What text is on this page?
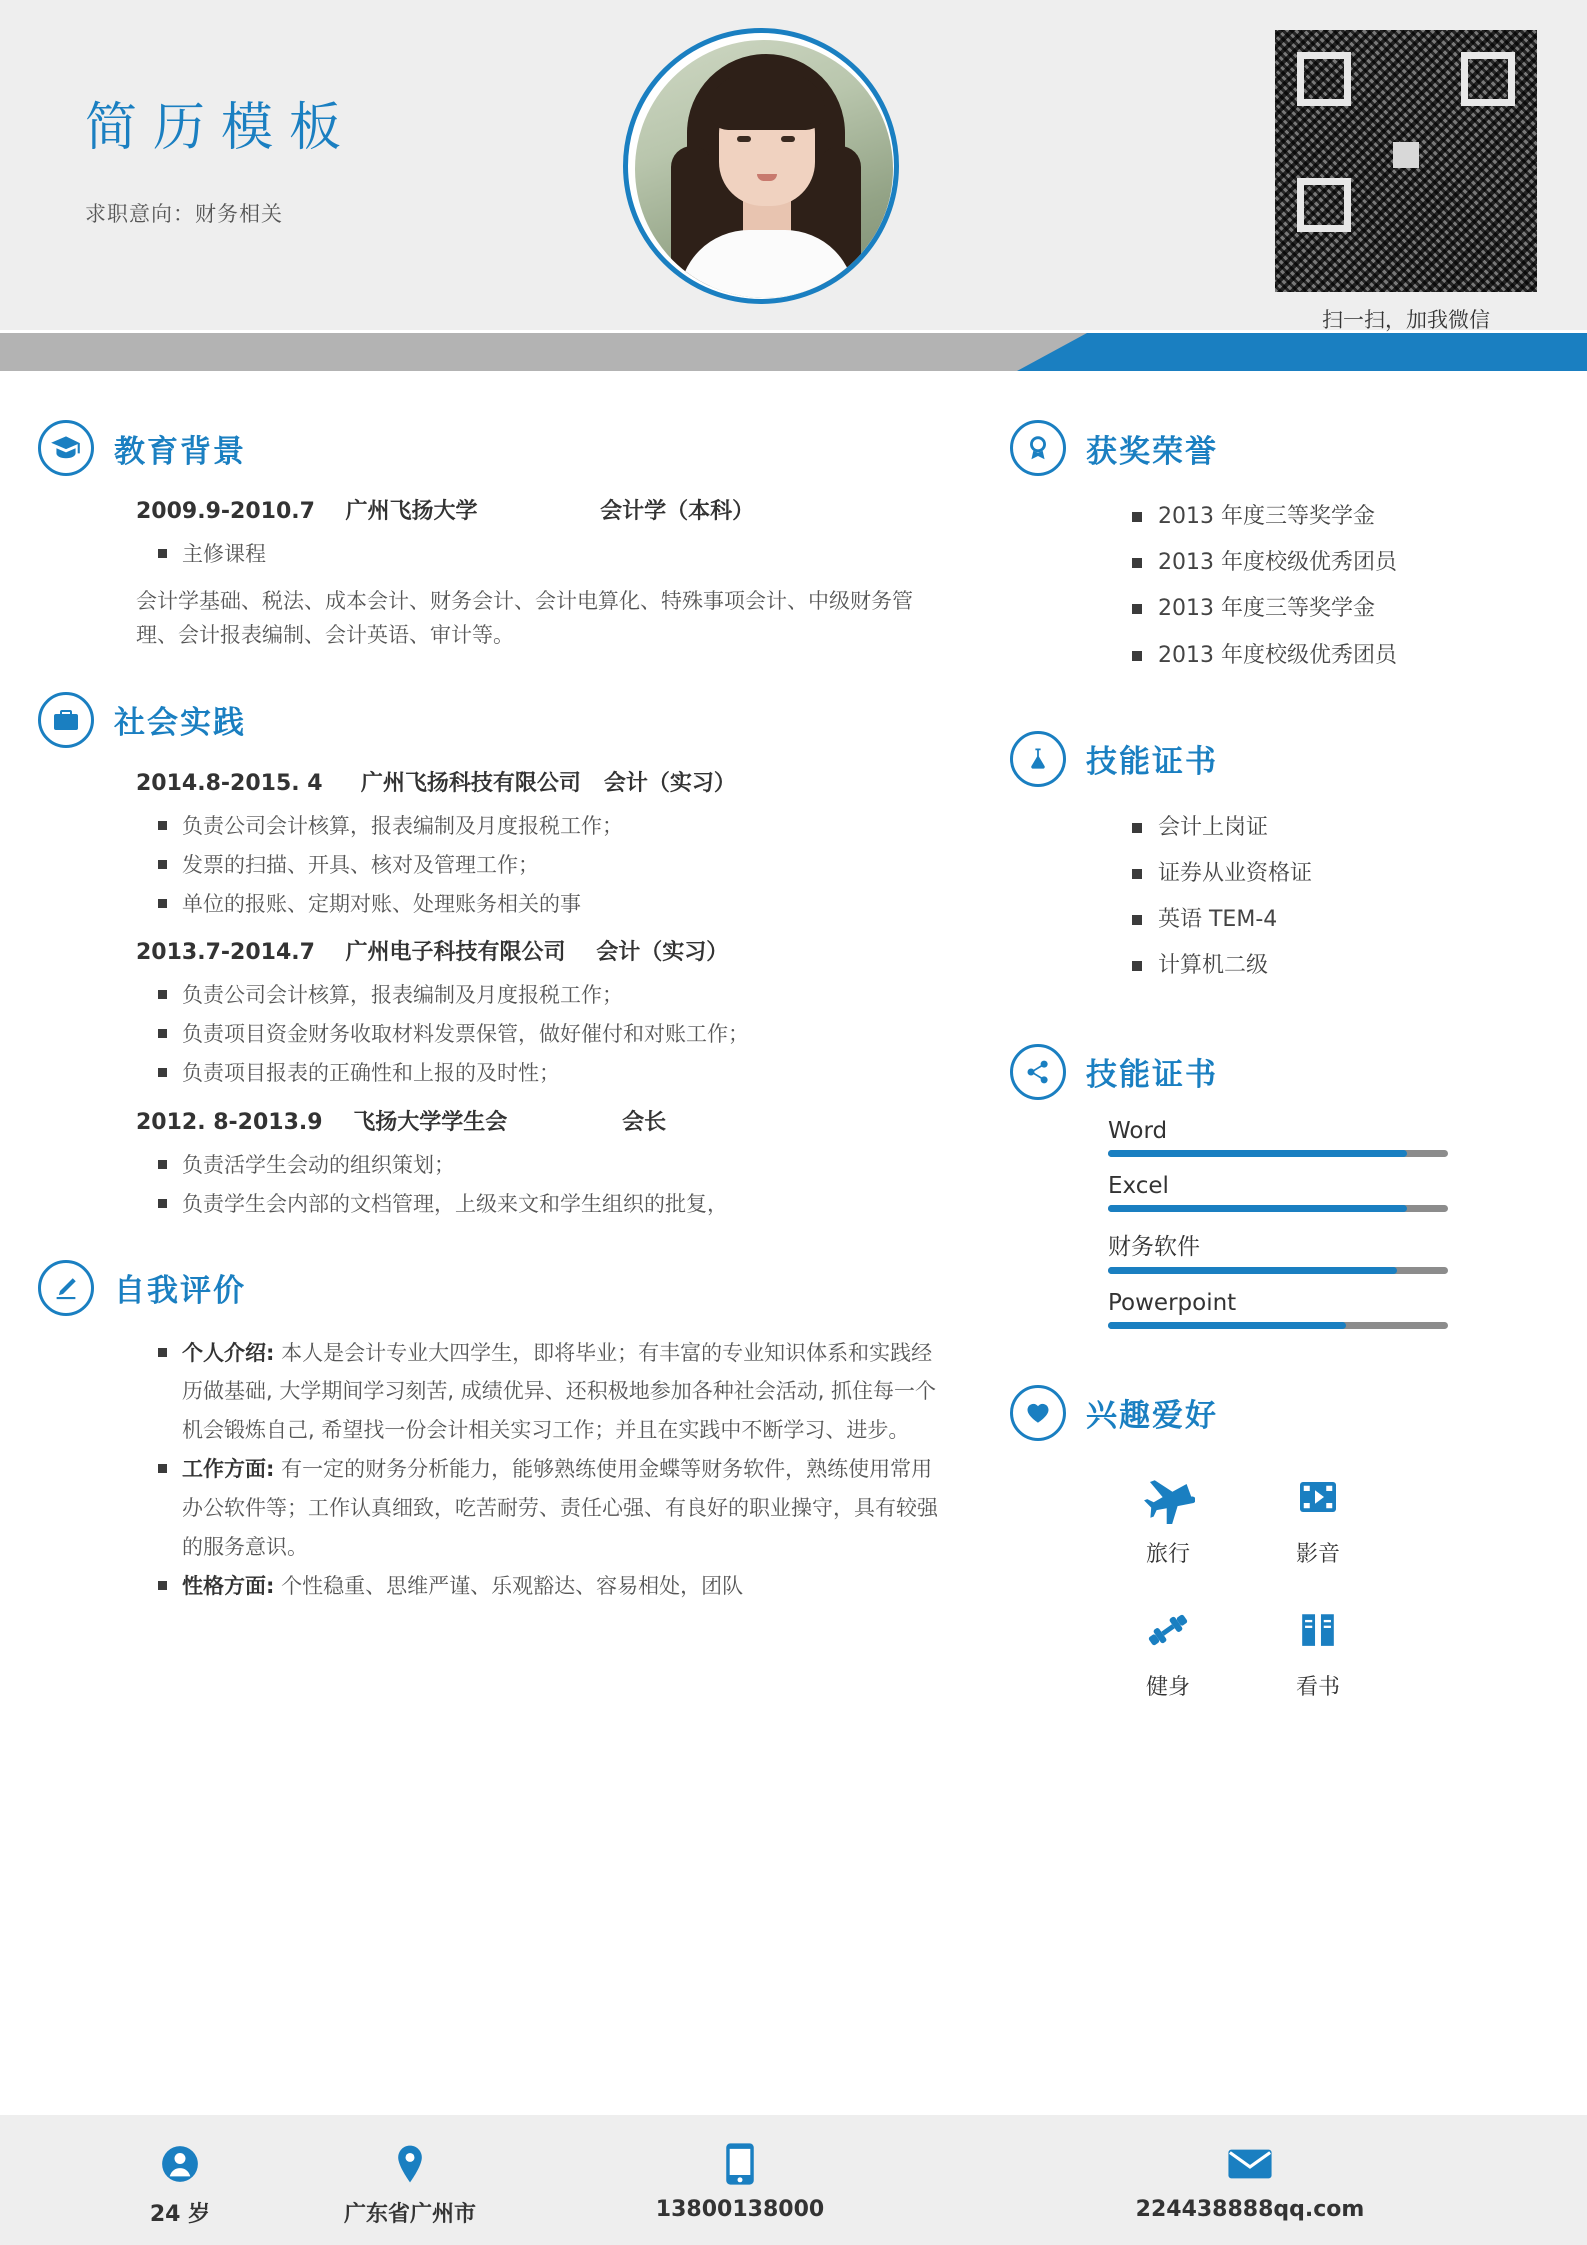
简历模板
求职意向：财务相关
扫一扫，加我微信
教育背景
2009.9-2010.7    广州飞扬大学                会计学（本科）
主修课程
会计学基础、税法、成本会计、财务会计、会计电算化、特殊事项会计、中级财务管理、会计报表编制、会计英语、审计等。
社会实践
2014.8-2015. 4     广州飞扬科技有限公司   会计（实习）
负责公司会计核算，报表编制及月度报税工作；
发票的扫描、开具、核对及管理工作；
单位的报账、定期对账、处理账务相关的事
2013.7-2014.7    广州电子科技有限公司    会计（实习）
负责公司会计核算，报表编制及月度报税工作；
负责项目资金财务收取材料发票保管，做好催付和对账工作；
负责项目报表的正确性和上报的及时性；
2012. 8-2013.9    飞扬大学学生会               会长
负责活学生会动的组织策划；
负责学生会内部的文档管理，上级来文和学生组织的批复，
自我评价
个人介绍: 本人是会计专业大四学生，即将毕业；有丰富的专业知识体系和实践经历做基础, 大学期间学习刻苦, 成绩优异、还积极地参加各种社会活动, 抓住每一个机会锻炼自己, 希望找一份会计相关实习工作；并且在实践中不断学习、进步。
工作方面: 有一定的财务分析能力，能够熟练使用金蝶等财务软件，熟练使用常用办公软件等；工作认真细致，吃苦耐劳、责任心强、有良好的职业操守，具有较强的服务意识。
性格方面: 个性稳重、思维严谨、乐观豁达、容易相处，团队
获奖荣誉
2013 年度三等奖学金
2013 年度校级优秀团员
2013 年度三等奖学金
2013 年度校级优秀团员
技能证书
会计上岗证
证券从业资格证
英语 TEM-4
计算机二级
技能证书
Word
Excel
财务软件
Powerpoint
兴趣爱好
旅行	影音
健身	看书
24 岁	广东省广州市	13800138000	224438888qq.com
